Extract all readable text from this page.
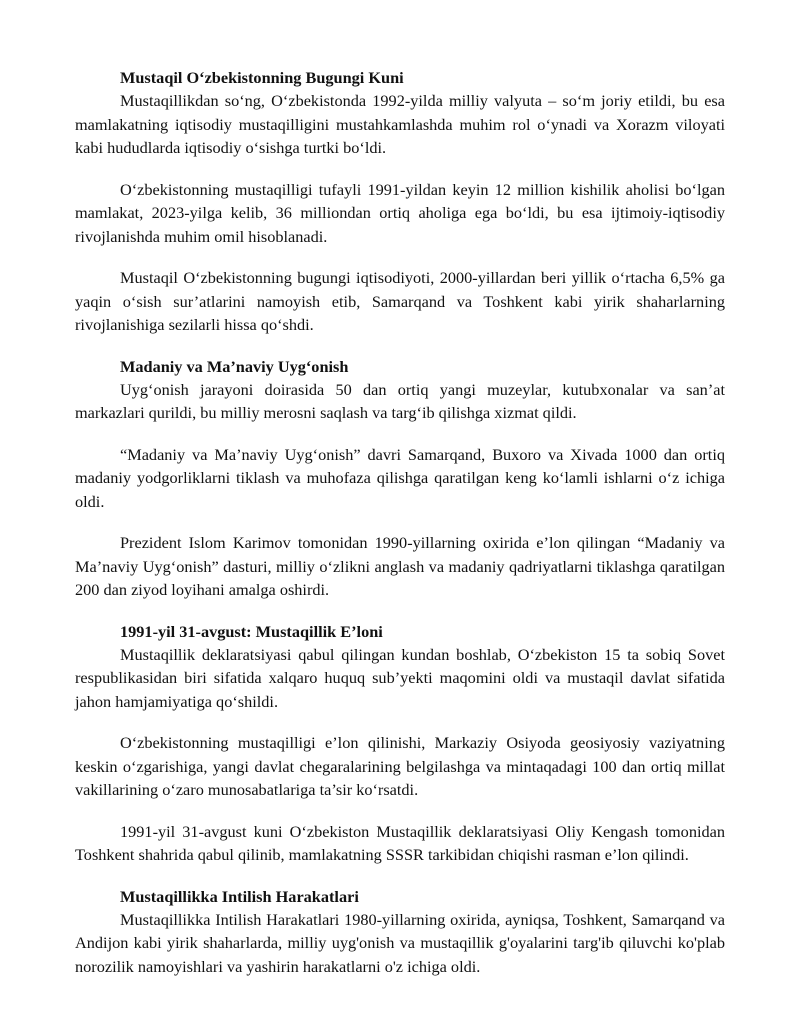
Mustaqil O‘zbekistonning Bugungi Kuni

Mustaqillikdan so‘ng, O‘zbekistonda 1992-yilda milliy valyuta – so‘m joriy etildi, bu esa mamlakatning iqtisodiy mustaqilligini mustahkamlashda muhim rol o‘ynadi va Xorazm viloyati kabi hududlarda iqtisodiy o‘sishga turtki bo‘ldi.

O‘zbekistonning mustaqilligi tufayli 1991-yildan keyin 12 million kishilik aholisi bo‘lgan mamlakat, 2023-yilga kelib, 36 milliondan ortiq aholiga ega bo‘ldi, bu esa ijtimoiy-iqtisodiy rivojlanishda muhim omil hisoblanadi.

Mustaqil O‘zbekistonning bugungi iqtisodiyoti, 2000-yillardan beri yillik o‘rtacha 6,5% ga yaqin o‘sish sur’atlarini namoyish etib, Samarqand va Toshkent kabi yirik shaharlarning rivojlanishiga sezilarli hissa qo‘shdi.

Madaniy va Ma’naviy Uyg‘onish

Uyg‘onish jarayoni doirasida 50 dan ortiq yangi muzeylar, kutubxonalar va san’at markazlari qurildi, bu milliy merosni saqlash va targ‘ib qilishga xizmat qildi.

“Madaniy va Ma’naviy Uyg‘onish” davri Samarqand, Buxoro va Xivada 1000 dan ortiq madaniy yodgorliklarni tiklash va muhofaza qilishga qaratilgan keng ko‘lamli ishlarni o‘z ichiga oldi.

Prezident Islom Karimov tomonidan 1990-yillarning oxirida e’lon qilingan “Madaniy va Ma’naviy Uyg‘onish” dasturi, milliy o‘zlikni anglash va madaniy qadriyatlarni tiklashga qaratilgan 200 dan ziyod loyihani amalga oshirdi.

1991-yil 31-avgust: Mustaqillik E’loni

Mustaqillik deklaratsiyasi qabul qilingan kundan boshlab, O‘zbekiston 15 ta sobiq Sovet respublikasidan biri sifatida xalqaro huquq sub’yekti maqomini oldi va mustaqil davlat sifatida jahon hamjamiyatiga qo‘shildi.

O‘zbekistonning mustaqilligi e’lon qilinishi, Markaziy Osiyoda geosiyosiy vaziyatning keskin o‘zgarishiga, yangi davlat chegaralarining belgilashga va mintaqadagi 100 dan ortiq millat vakillarining o‘zaro munosabatlariga ta’sir ko‘rsatdi.

1991-yil 31-avgust kuni O‘zbekiston Mustaqillik deklaratsiyasi Oliy Kengash tomonidan Toshkent shahrida qabul qilinib, mamlakatning SSSR tarkibidan chiqishi rasman e’lon qilindi.

Mustaqillikka Intilish Harakatlari

Mustaqillikka Intilish Harakatlari 1980-yillarning oxirida, ayniqsa, Toshkent, Samarqand va Andijon kabi yirik shaharlarda, milliy uyg'onish va mustaqillik g'oyalarini targ'ib qiluvchi ko'plab norozilik namoyishlari va yashirin harakatlarni o'z ichiga oldi.
